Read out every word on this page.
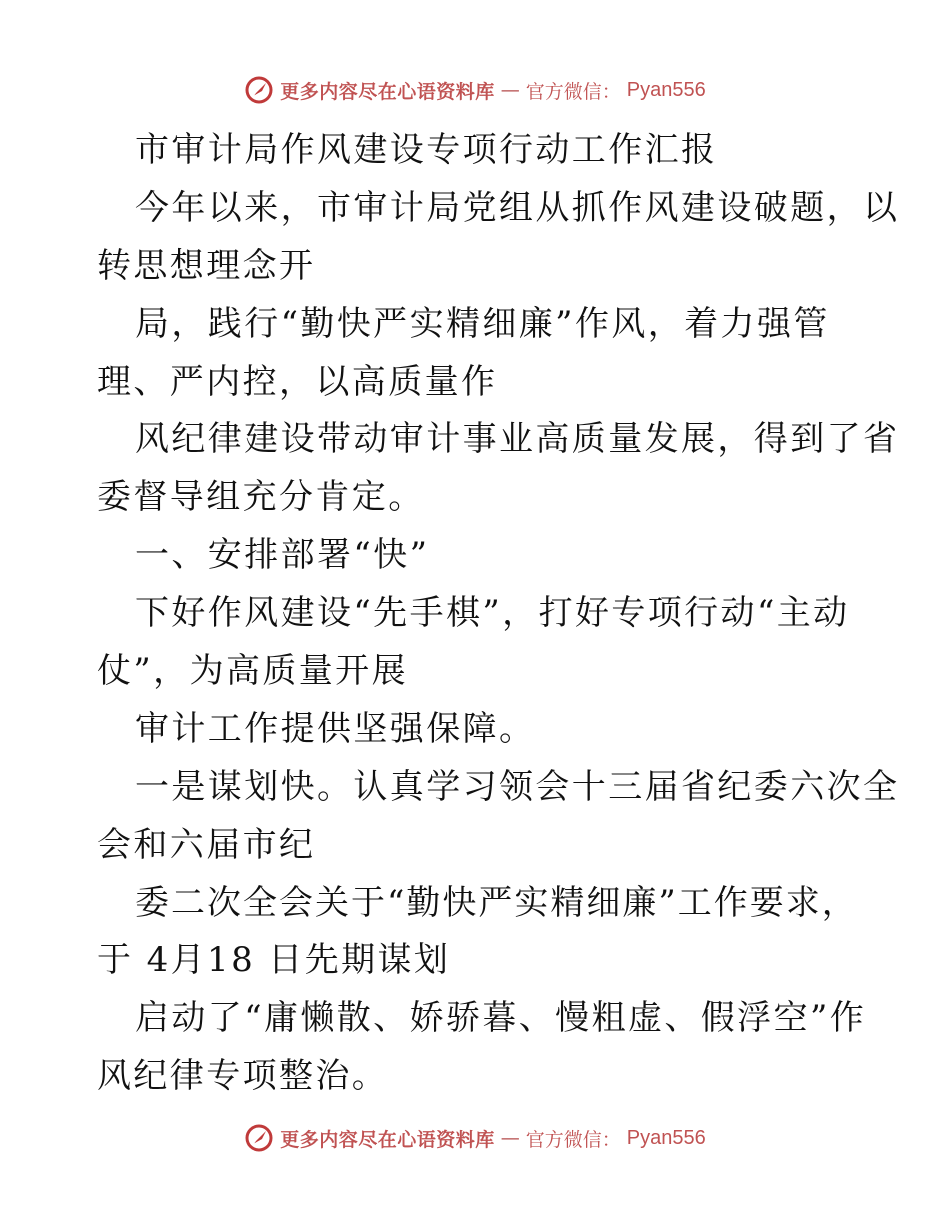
更多内容尽在心语资料库 — 官方微信： Pyan556
市审计局作风建设专项行动工作汇报
今年以来，市审计局党组从抓作风建设破题，以
转思想理念开
局，践行“勤快严实精细廉”作风，着力强管
理、严内控，以高质量作
风纪律建设带动审计事业高质量发展，得到了省
委督导组充分肯定。
一、安排部署“快”
下好作风建设“先手棋”，打好专项行动“主动
仗”，为高质量开展
审计工作提供坚强保障。
一是谋划快。认真学习领会十三届省纪委六次全
会和六届市纪
委二次全会关于“勤快严实精细廉”工作要求，
于 4月18 日先期谋划
启动了“庸懒散、娇骄暮、慢粗虚、假浮空”作
风纪律专项整治。
更多内容尽在心语资料库 — 官方微信： Pyan556
